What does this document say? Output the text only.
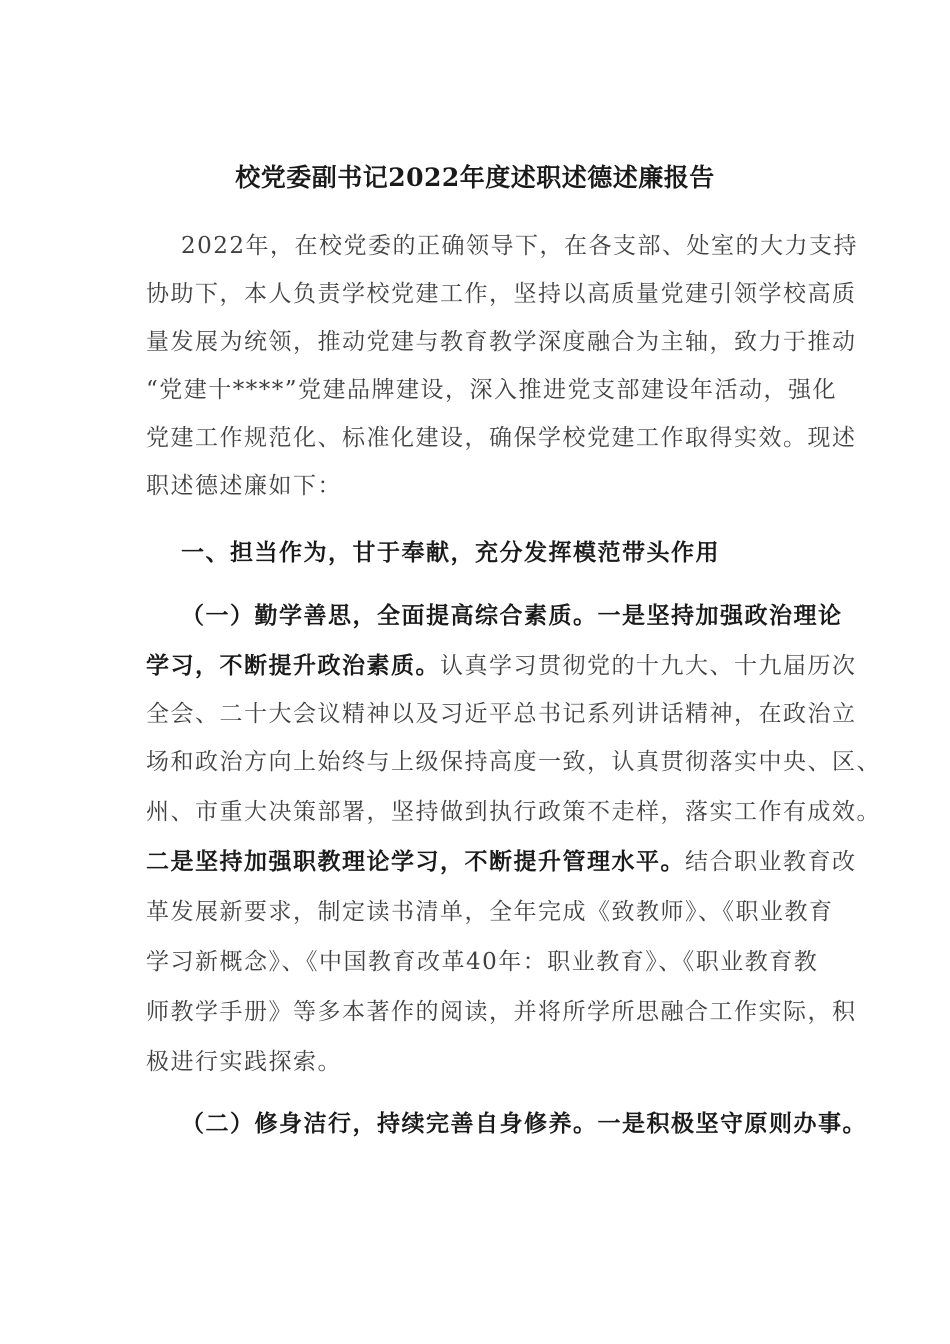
校党委副书记2022年度述职述德述廉报告
2022年，在校党委的正确领导下，在各支部、处室的大力支持
协助下，本人负责学校党建工作，坚持以高质量党建引领学校高质
量发展为统领，推动党建与教育教学深度融合为主轴，致力于推动
“党建十****”党建品牌建设，深入推进党支部建设年活动，强化
党建工作规范化、标准化建设，确保学校党建工作取得实效。现述
职述德述廉如下：
一、担当作为，甘于奉献，充分发挥模范带头作用
（一）勤学善思，全面提高综合素质。一是坚持加强政治理论
学习，不断提升政治素质。认真学习贯彻党的十九大、十九届历次
全会、二十大会议精神以及习近平总书记系列讲话精神，在政治立
场和政治方向上始终与上级保持高度一致，认真贯彻落实中央、区、
州、市重大决策部署，坚持做到执行政策不走样，落实工作有成效。
二是坚持加强职教理论学习，不断提升管理水平。结合职业教育改
革发展新要求，制定读书清单，全年完成《致教师》、《职业教育
学习新概念》、《中国教育改革40年：职业教育》、《职业教育教
师教学手册》等多本著作的阅读，并将所学所思融合工作实际，积
极进行实践探索。
（二）修身洁行，持续完善自身修养。一是积极坚守原则办事。
